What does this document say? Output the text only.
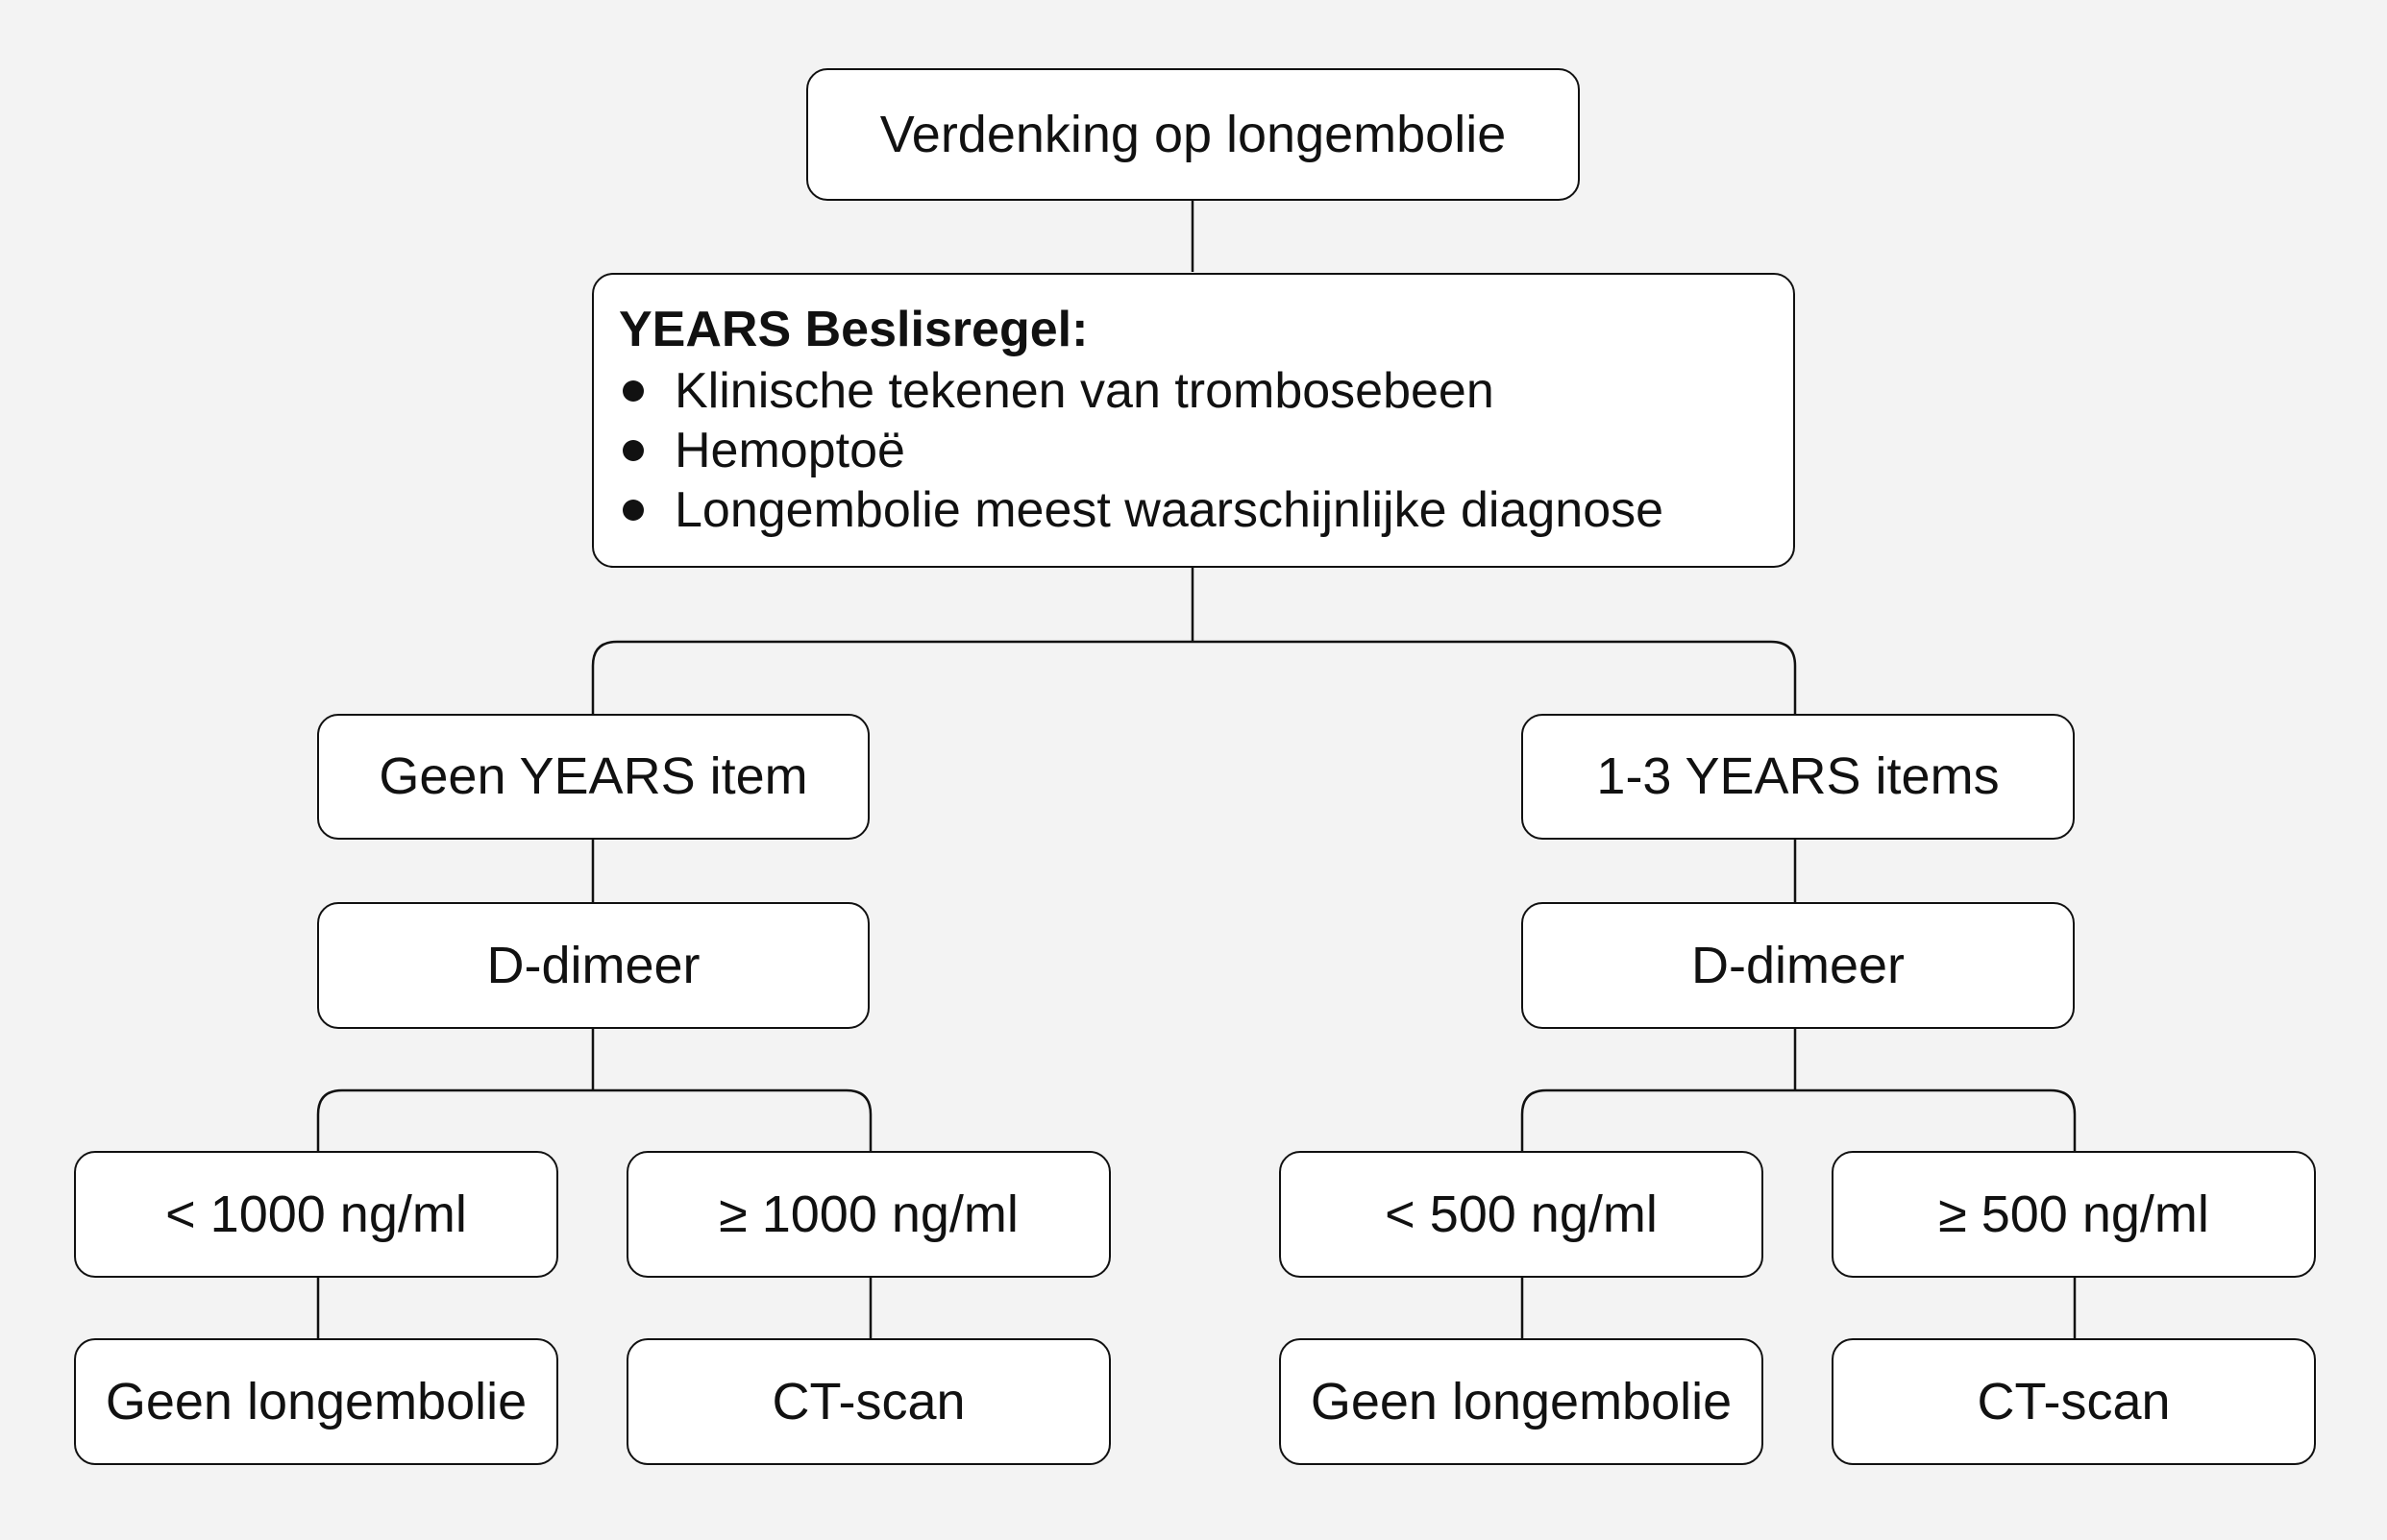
Verdenking op longembolie
YEARS Beslisregel:
Klinische tekenen van trombosebeen
Hemoptoë
Longembolie meest waarschijnlijke diagnose
Geen YEARS item
D-dimeer
< 1000 ng/ml	≥ 1000 ng/ml
Geen longembolie	CT-scan
1-3 YEARS items
D-dimeer
< 500 ng/ml	≥ 500 ng/ml
Geen longembolie	CT-scan
